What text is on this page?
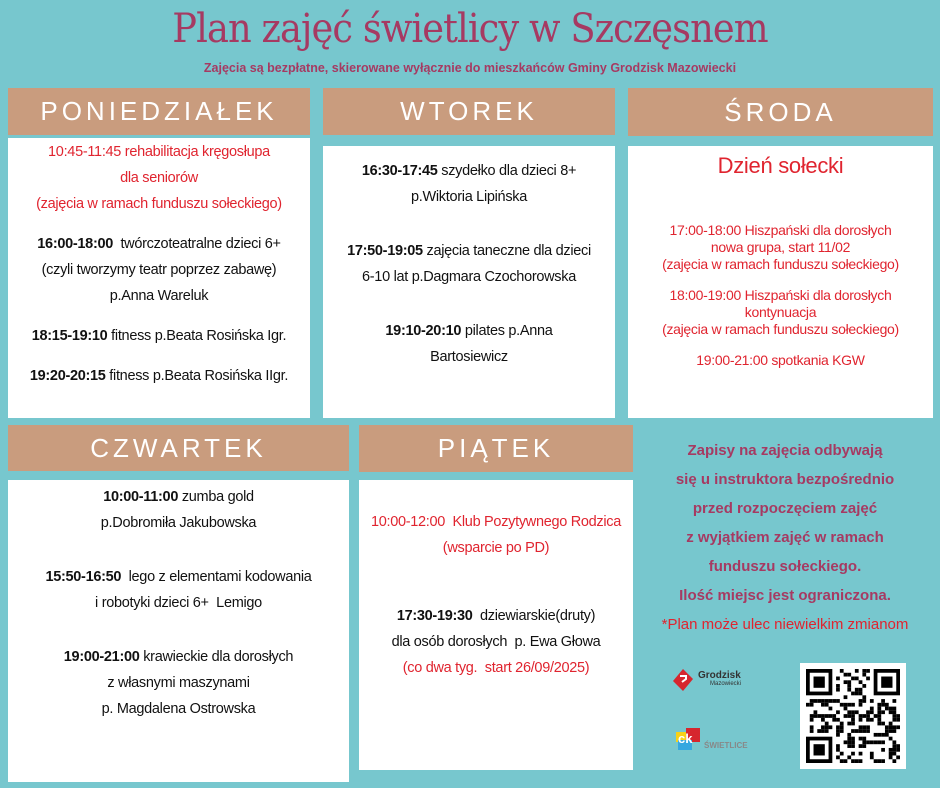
Plan zajęć świetlicy w Szczęsnem
Zajęcia są bezpłatne, skierowane wyłącznie do mieszkańców Gminy Grodzisk Mazowiecki
PONIEDZIAŁEK	WTOREK	ŚRODA
CZWARTEK	PIĄTEK
10:45-11:45 rehabilitacja kręgosłupa
dla seniorów
(zajęcia w ramach funduszu sołeckiego)
16:00-18:00  twórczoteatralne dzieci 6+
(czyli tworzymy teatr poprzez zabawę)
p.Anna Wareluk
18:15-19:10 fitness p.Beata Rosińska Igr.
19:20-20:15 fitness p.Beata Rosińska IIgr.
16:30-17:45 szydełko dla dzieci 8+
p.Wiktoria Lipińska
17:50-19:05 zajęcia taneczne dla dzieci
6-10 lat p.Dagmara Czochorowska
19:10-20:10 pilates p.Anna
Bartosiewicz
Dzień sołecki
17:00-18:00 Hiszpański dla dorosłych
nowa grupa, start 11/02
(zajęcia w ramach funduszu sołeckiego)
18:00-19:00 Hiszpański dla dorosłych
kontynuacja
(zajęcia w ramach funduszu sołeckiego)
19:00-21:00 spotkania KGW
10:00-11:00 zumba gold
p.Dobromiła Jakubowska
15:50-16:50  lego z elementami kodowania
i robotyki dzieci 6+  Lemigo
19:00-21:00 krawieckie dla dorosłych
z własnymi maszynami
p. Magdalena Ostrowska
10:00-12:00  Klub Pozytywnego Rodzica
(wsparcie po PD)
17:30-19:30  dziewiarskie(druty)
dla osób dorosłych  p. Ewa Głowa
(co dwa tyg.  start 26/09/2025)
Zapisy na zajęcia odbywają
się u instruktora bezpośrednio
przed rozpoczęciem zajęć
z wyjątkiem zajęć w ramach
funduszu sołeckiego.
Ilość miejsc jest ograniczona.
*Plan może ulec niewielkim zmianom
Grodzisk
Mazowiecki
ck ŚWIETLICE
